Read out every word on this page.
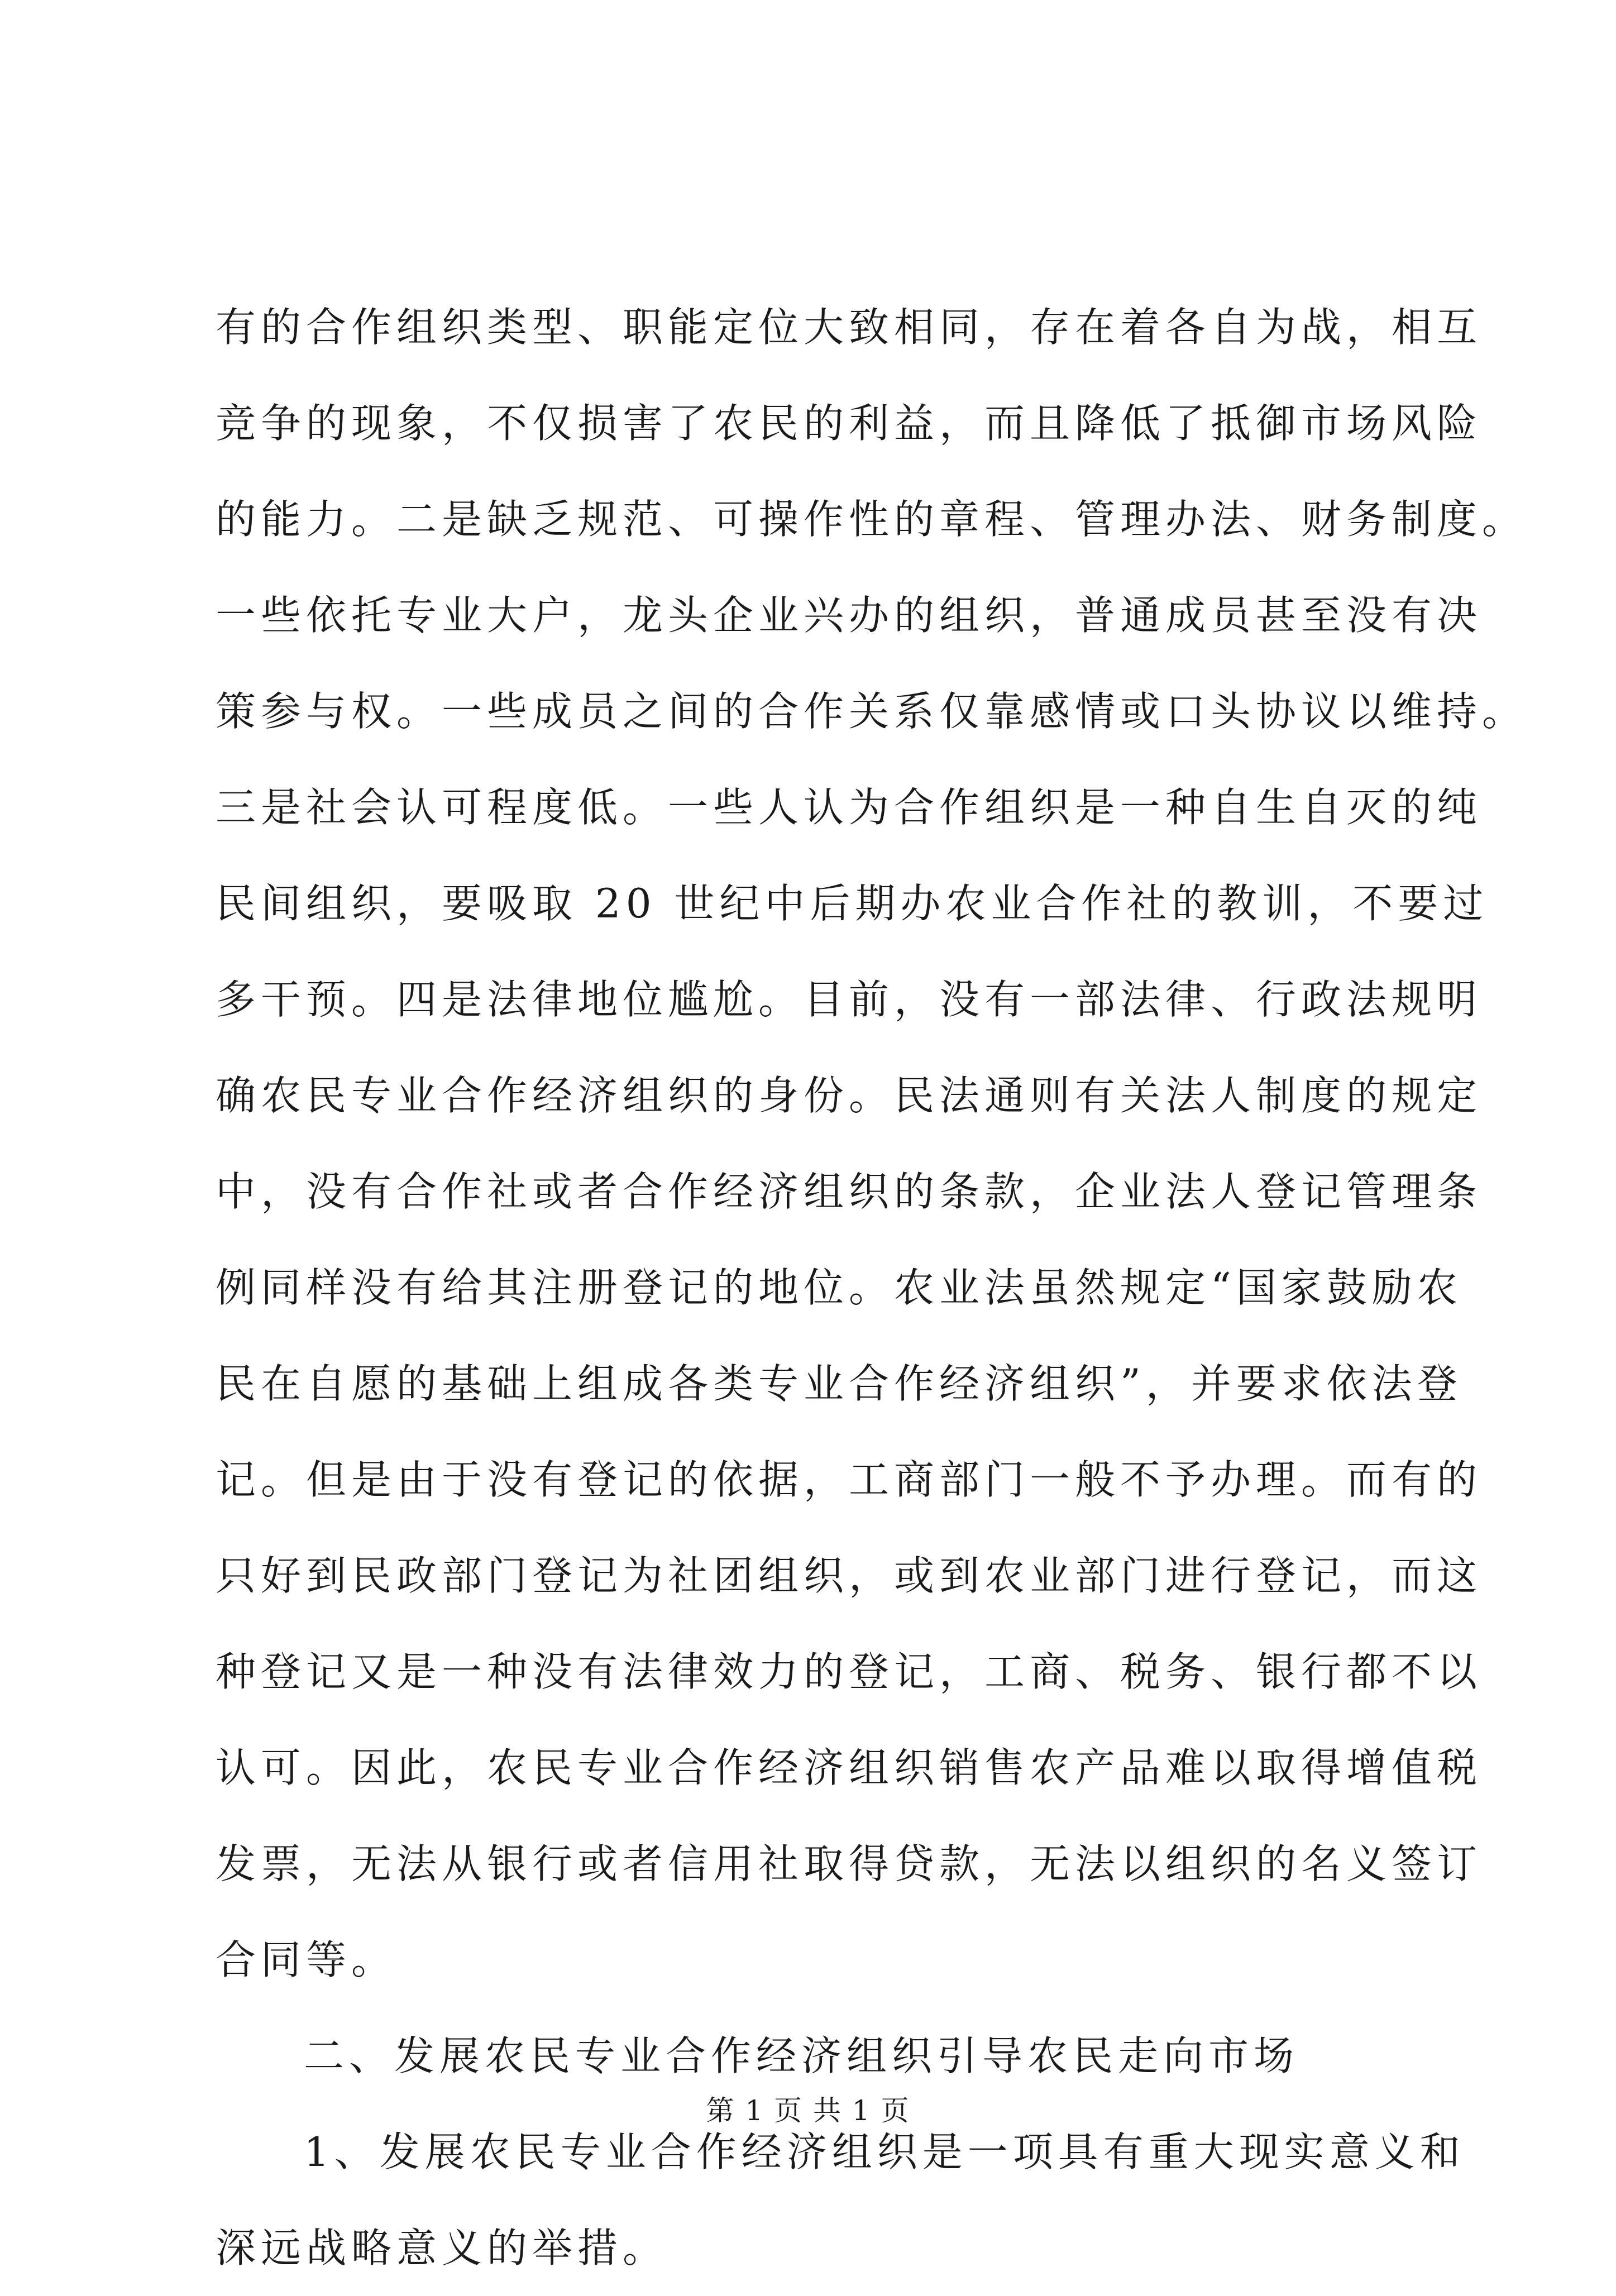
有的合作组织类型、职能定位大致相同，存在着各自为战，相互
竞争的现象，不仅损害了农民的利益，而且降低了抵御市场风险
的能力。二是缺乏规范、可操作性的章程、管理办法、财务制度。
一些依托专业大户，龙头企业兴办的组织，普通成员甚至没有决
策参与权。一些成员之间的合作关系仅靠感情或口头协议以维持。
三是社会认可程度低。一些人认为合作组织是一种自生自灭的纯
民间组织，要吸取 20 世纪中后期办农业合作社的教训，不要过
多干预。四是法律地位尴尬。目前，没有一部法律、行政法规明
确农民专业合作经济组织的身份。民法通则有关法人制度的规定
中，没有合作社或者合作经济组织的条款，企业法人登记管理条
例同样没有给其注册登记的地位。农业法虽然规定“国家鼓励农
民在自愿的基础上组成各类专业合作经济组织”，并要求依法登
记。但是由于没有登记的依据，工商部门一般不予办理。而有的
只好到民政部门登记为社团组织，或到农业部门进行登记，而这
种登记又是一种没有法律效力的登记，工商、税务、银行都不以
认可。因此，农民专业合作经济组织销售农产品难以取得增值税
发票，无法从银行或者信用社取得贷款，无法以组织的名义签订
合同等。
二、发展农民专业合作经济组织引导农民走向市场
1、发展农民专业合作经济组织是一项具有重大现实意义和
深远战略意义的举措。
第 1 页 共 1 页
